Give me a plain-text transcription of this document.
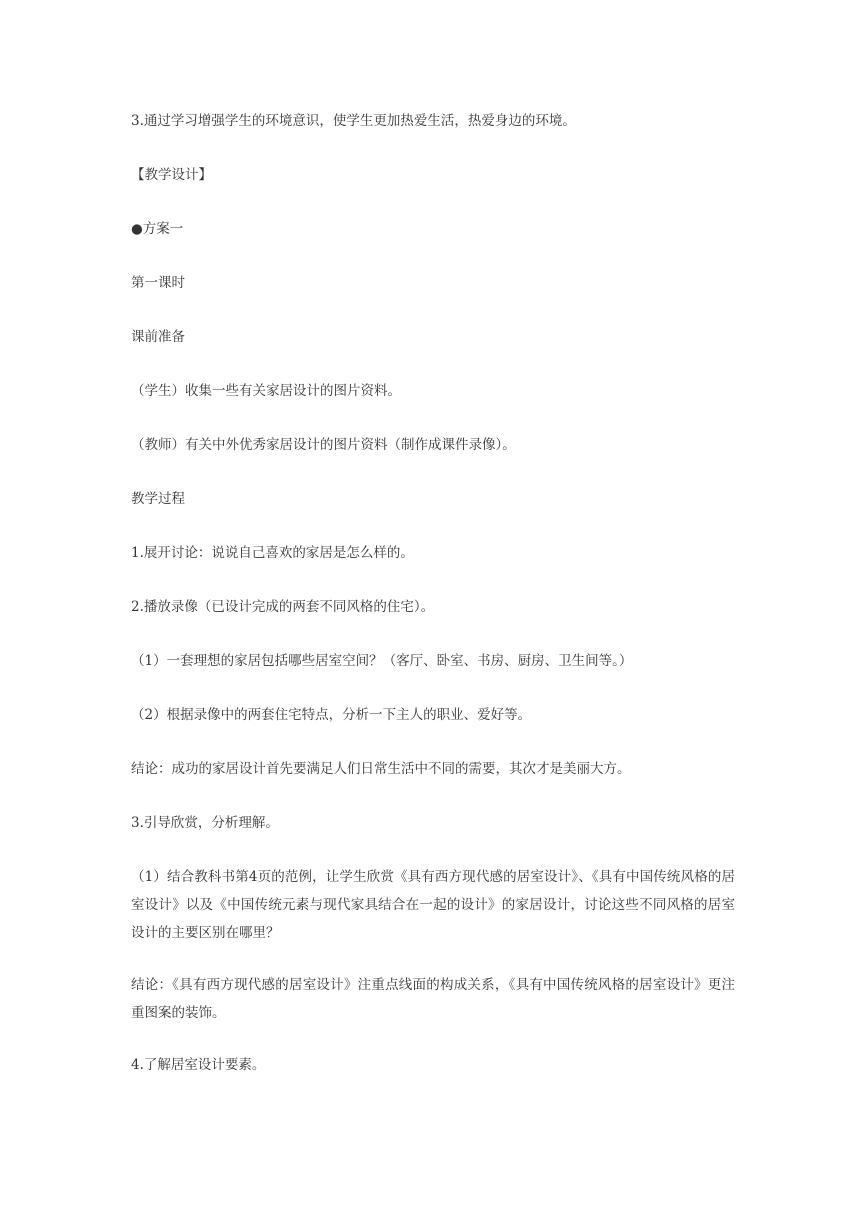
3.通过学习增强学生的环境意识，使学生更加热爱生活，热爱身边的环境。

【教学设计】

●方案一

第一课时

课前准备

（学生）收集一些有关家居设计的图片资料。

（教师）有关中外优秀家居设计的图片资料（制作成课件录像）。

教学过程

1.展开讨论：说说自己喜欢的家居是怎么样的。

2.播放录像（已设计完成的两套不同风格的住宅）。

（1）一套理想的家居包括哪些居室空间？（客厅、卧室、书房、厨房、卫生间等。）

（2）根据录像中的两套住宅特点，分析一下主人的职业、爱好等。

结论：成功的家居设计首先要满足人们日常生活中不同的需要，其次才是美丽大方。

3.引导欣赏，分析理解。

（1）结合教科书第4页的范例，让学生欣赏《具有西方现代感的居室设计》、《具有中国传统风格的居室设计》以及《中国传统元素与现代家具结合在一起的设计》的家居设计，讨论这些不同风格的居室设计的主要区别在哪里？

结论：《具有西方现代感的居室设计》注重点线面的构成关系，《具有中国传统风格的居室设计》更注重图案的装饰。

4.了解居室设计要素。
